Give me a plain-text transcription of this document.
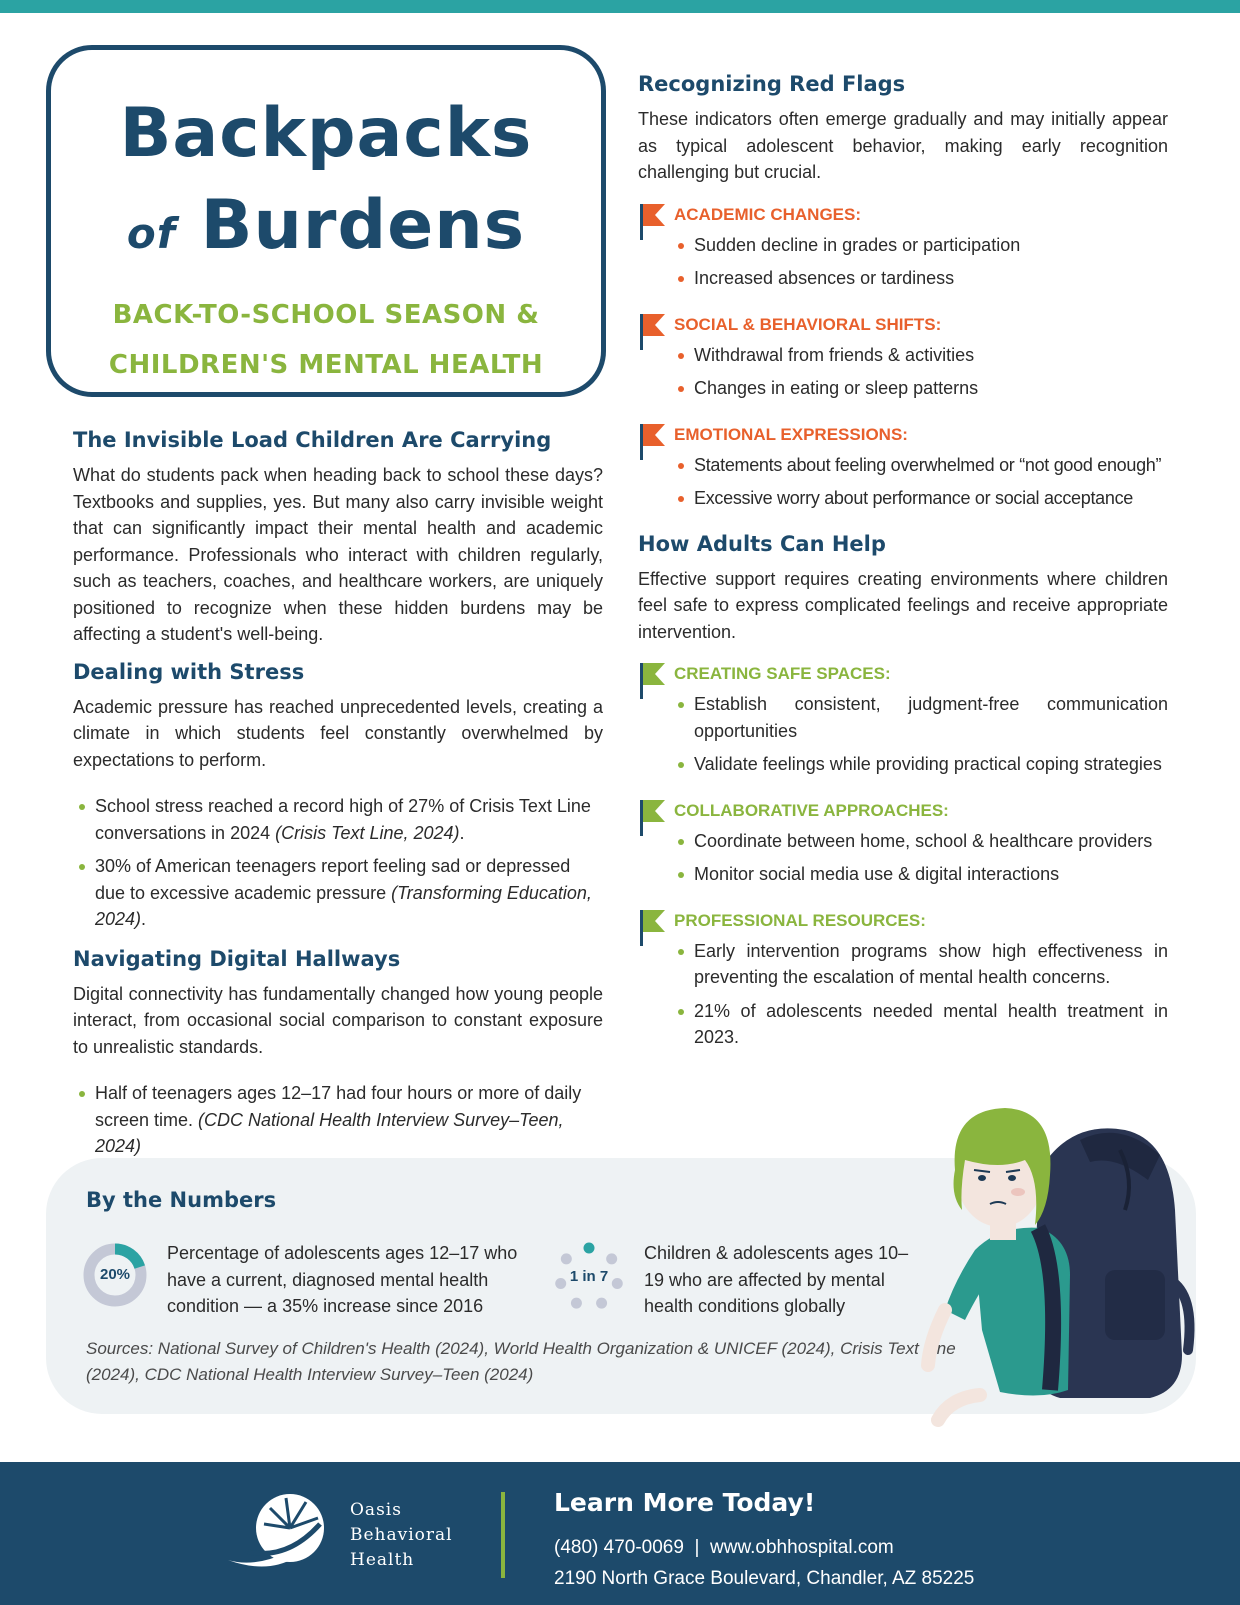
Backpacks
of Burdens
BACK-TO-SCHOOL SEASON &
CHILDREN'S MENTAL HEALTH
The Invisible Load Children Are Carrying

What do students pack when heading back to school these days? Textbooks and supplies, yes. But many also carry invisible weight that can significantly impact their mental health and academic performance. Professionals who interact with children regularly, such as teachers, coaches, and healthcare workers, are uniquely positioned to recognize when these hidden burdens may be affecting a student's well-being.

Dealing with Stress

Academic pressure has reached unprecedented levels, creating a climate in which students feel constantly overwhelmed by expectations to perform.

School stress reached a record high of 27% of Crisis Text Line conversations in 2024 (Crisis Text Line, 2024).
30% of American teenagers report feeling sad or depressed due to excessive academic pressure (Transforming Education, 2024).
Navigating Digital Hallways

Digital connectivity has fundamentally changed how young people interact, from occasional social comparison to constant exposure to unrealistic standards.

Half of teenagers ages 12–17 had four hours or more of daily screen time. (CDC National Health Interview Survey–Teen, 2024)
Recognizing Red Flags

These indicators often emerge gradually and may initially appear as typical adolescent behavior, making early recognition challenging but crucial.

ACADEMIC CHANGES:
Sudden decline in grades or participation
Increased absences or tardiness
SOCIAL & BEHAVIORAL SHIFTS:
Withdrawal from friends & activities
Changes in eating or sleep patterns
EMOTIONAL EXPRESSIONS:
Statements about feeling overwhelmed or “not good enough”
Excessive worry about performance or social acceptance
How Adults Can Help

Effective support requires creating environments where children feel safe to express complicated feelings and receive appropriate intervention.

CREATING SAFE SPACES:
Establish consistent, judgment-free communication opportunities
Validate feelings while providing practical coping strategies
COLLABORATIVE APPROACHES:
Coordinate between home, school & healthcare providers
Monitor social media use & digital interactions
PROFESSIONAL RESOURCES:
Early intervention programs show high effectiveness in preventing the escalation of mental health concerns.
21% of adolescents needed mental health treatment in 2023.
By the Numbers
20%
Percentage of adolescents ages 12–17 who have a current, diagnosed mental health condition — a 35% increase since 2016
1 in 7
Children & adolescents ages 10–19 who are affected by mental health conditions globally
Sources: National Survey of Children's Health (2024), World Health Organization & UNICEF (2024), Crisis Text Line (2024), CDC National Health Interview Survey–Teen (2024)
Oasis
Behavioral
Health
Learn More Today!
(480) 470-0069 | www.obhhospital.com
2190 North Grace Boulevard, Chandler, AZ 85225
